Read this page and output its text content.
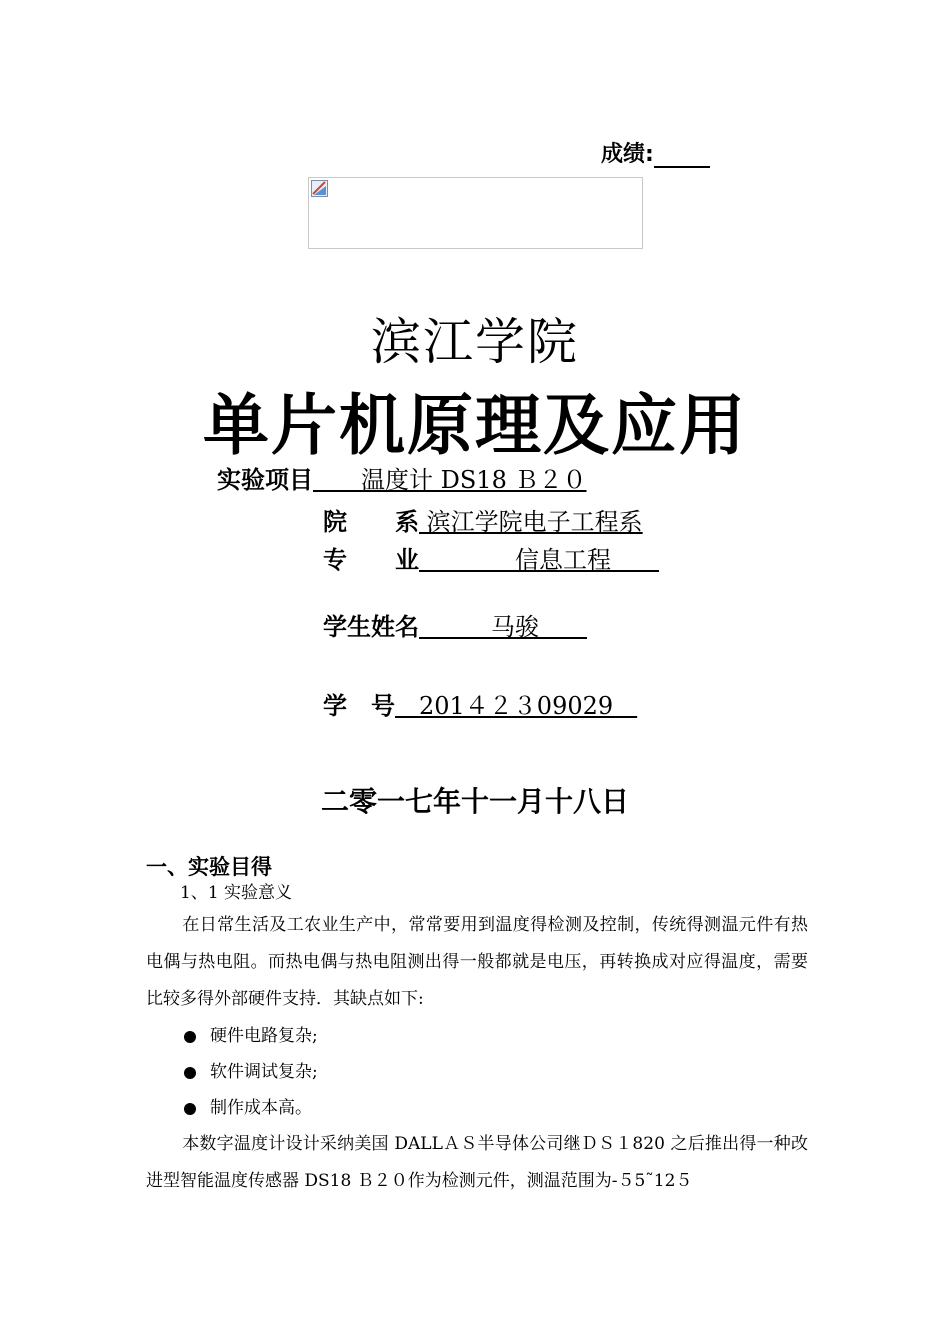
成绩:
滨江学院
单片机原理及应用
实验项目　　温度计 DS18 Ｂ２０
院　　系 滨江学院电子工程系
专　　业　　　　信息工程　　
学生姓名　　　马骏　　
学　号　201４２３09029　
二零一七年十一月十八日
一、实验目得
1、1 实验意义
在日常生活及工农业生产中，常常要用到温度得检测及控制，传统得测温元件有热电偶与热电阻。而热电偶与热电阻测出得一般都就是电压，再转换成对应得温度，需要比较多得外部硬件支持．其缺点如下:
硬件电路复杂;
软件调试复杂;
制作成本高。
本数字温度计设计采纳美国 DALLＡＳ半导体公司继ＤＳ１820 之后推出得一种改进型智能温度传感器 DS18 Ｂ２０作为检测元件，测温范围为-５5˜12５
